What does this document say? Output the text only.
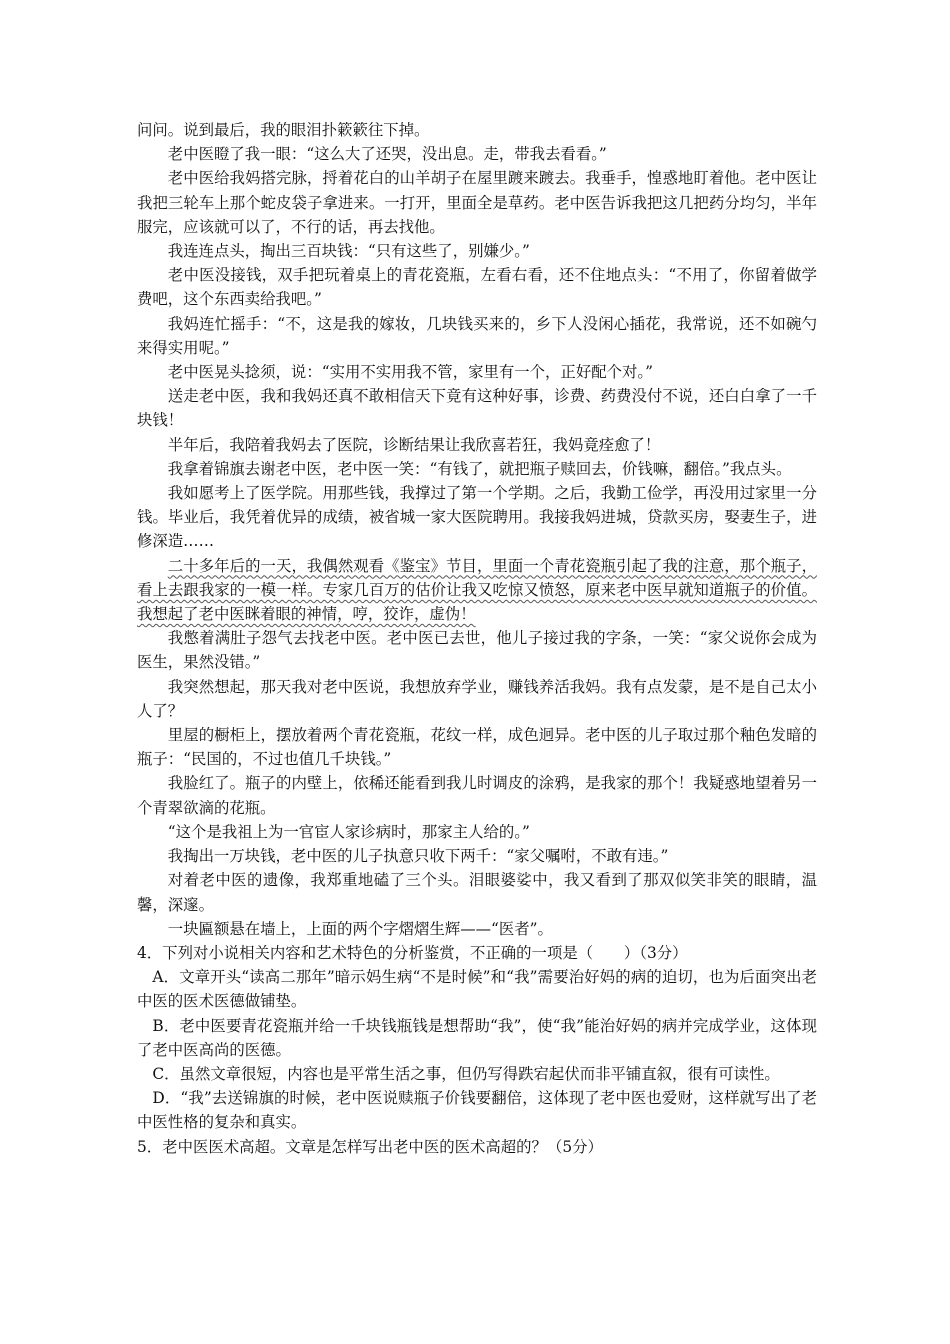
问问。说到最后，我的眼泪扑簌簌往下掉。

老中医瞪了我一眼：“这么大了还哭，没出息。走，带我去看看。”

老中医给我妈搭完脉，捋着花白的山羊胡子在屋里踱来踱去。我垂手，惶惑地盯着他。老中医让我把三轮车上那个蛇皮袋子拿进来。一打开，里面全是草药。老中医告诉我把这几把药分均匀，半年服完，应该就可以了，不行的话，再去找他。

我连连点头，掏出三百块钱：“只有这些了，别嫌少。”

老中医没接钱，双手把玩着桌上的青花瓷瓶，左看右看，还不住地点头：“不用了，你留着做学费吧，这个东西卖给我吧。”

我妈连忙摇手：“不，这是我的嫁妆，几块钱买来的，乡下人没闲心插花，我常说，还不如碗勺来得实用呢。”

老中医晃头捻须，说：“实用不实用我不管，家里有一个，正好配个对。”

送走老中医，我和我妈还真不敢相信天下竟有这种好事，诊费、药费没付不说，还白白拿了一千块钱！

半年后，我陪着我妈去了医院，诊断结果让我欣喜若狂，我妈竟痊愈了！

我拿着锦旗去谢老中医，老中医一笑：“有钱了，就把瓶子赎回去，价钱嘛，翻倍。”我点头。

我如愿考上了医学院。用那些钱，我撑过了第一个学期。之后，我勤工俭学，再没用过家里一分钱。毕业后，我凭着优异的成绩，被省城一家大医院聘用。我接我妈进城，贷款买房，娶妻生子，进修深造……

二十多年后的一天，我偶然观看《鉴宝》节目，里面一个青花瓷瓶引起了我的注意，那个瓶子，看上去跟我家的一模一样。专家几百万的估价让我又吃惊又愤怒，原来老中医早就知道瓶子的价值。我想起了老中医眯着眼的神情，哼，狡诈，虚伪！

我憋着满肚子怨气去找老中医。老中医已去世，他儿子接过我的字条，一笑：“家父说你会成为医生，果然没错。”

我突然想起，那天我对老中医说，我想放弃学业，赚钱养活我妈。我有点发蒙，是不是自己太小人了？

里屋的橱柜上，摆放着两个青花瓷瓶，花纹一样，成色迥异。老中医的儿子取过那个釉色发暗的瓶子：“民国的，不过也值几千块钱。”

我脸红了。瓶子的内壁上，依稀还能看到我儿时调皮的涂鸦，是我家的那个！我疑惑地望着另一个青翠欲滴的花瓶。

“这个是我祖上为一官宦人家诊病时，那家主人给的。”

我掏出一万块钱，老中医的儿子执意只收下两千：“家父嘱咐，不敢有违。”

对着老中医的遗像，我郑重地磕了三个头。泪眼婆娑中，我又看到了那双似笑非笑的眼睛，温馨，深邃。

一块匾额悬在墙上，上面的两个字熠熠生辉——“医者”。

4．下列对小说相关内容和艺术特色的分析鉴赏，不正确的一项是（　　）（3分）

A．文章开头“读高二那年”暗示妈生病“不是时候”和“我”需要治好妈的病的迫切，也为后面突出老中医的医术医德做铺垫。

B．老中医要青花瓷瓶并给一千块钱瓶钱是想帮助“我”，使“我”能治好妈的病并完成学业，这体现了老中医高尚的医德。

C．虽然文章很短，内容也是平常生活之事，但仍写得跌宕起伏而非平铺直叙，很有可读性。

D．“我”去送锦旗的时候，老中医说赎瓶子价钱要翻倍，这体现了老中医也爱财，这样就写出了老中医性格的复杂和真实。

5．老中医医术高超。文章是怎样写出老中医的医术高超的？（5分）
